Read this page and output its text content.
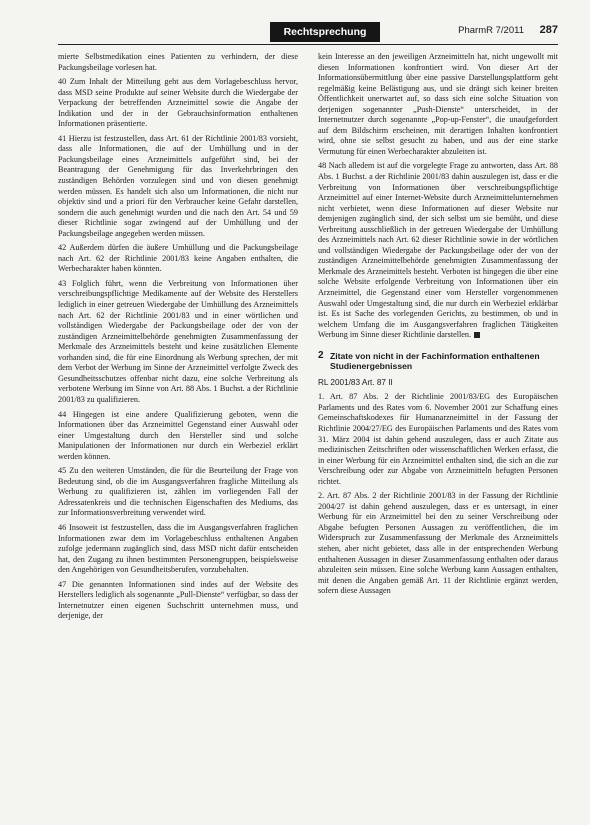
Rechtsprechung	PharmR 7/2011 287

mierte Selbstmedikation eines Patienten zu verhindern, der diese Packungsbeilage vorlesen hat.

40 Zum Inhalt der Mitteilung geht aus dem Vorlagebeschluss hervor, dass MSD seine Produkte auf seiner Website durch die Wiedergabe der Verpackung der betreffenden Arzneimittel sowie die Angabe der Indikation und der in der Gebrauchsinformation enthaltenen Informationen präsentierte.

41 Hierzu ist festzustellen, dass Art. 61 der Richtlinie 2001/83 vorsieht, dass alle Informationen, die auf der Umhüllung und in der Packungsbeilage eines Arzneimittels aufgeführt sind, bei der Beantragung der Genehmigung für das Inverkehrbringen den zuständigen Behörden vorzulegen sind und von diesen genehmigt werden müssen. Es handelt sich also um Informationen, die nicht nur objektiv sind und a priori für den Verbraucher keine Gefahr darstellen, sondern die auch genehmigt wurden und die nach den Art. 54 und 59 dieser Richtlinie sogar zwingend auf der Umhüllung und der Packungsbeilage angegeben werden müssen.

42 Außerdem dürfen die äußere Umhüllung und die Packungsbeilage nach Art. 62 der Richtlinie 2001/83 keine Angaben enthalten, die Werbecharakter haben könnten.

43 Folglich führt, wenn die Verbreitung von Informationen über verschreibungspflichtige Medikamente auf der Website des Herstellers lediglich in einer getreuen Wiedergabe der Umhüllung des Arzneimittels nach Art. 62 der Richtlinie 2001/83 und in einer wörtlichen und vollständigen Wiedergabe der Packungsbeilage oder der von der zuständigen Arzneimittelbehörde genehmigten Zusammenfassung der Merkmale des Arzneimittels besteht und keine zusätzlichen Elemente vorhanden sind, die für eine Einordnung als Werbung sprechen, der mit dem Verbot der Werbung im Sinne der Arzneimittel verfolgte Zweck des Gesundheitsschutzes offenbar nicht dazu, eine solche Verbreitung als verbotene Werbung im Sinne von Art. 88 Abs. 1 Buchst. a der Richtlinie 2001/83 zu qualifizieren.

44 Hingegen ist eine andere Qualifizierung geboten, wenn die Informationen über das Arzneimittel Gegenstand einer Auswahl oder einer Umgestaltung durch den Hersteller sind und solche Manipulationen der Informationen nur durch ein Werbeziel erklärt werden können.

45 Zu den weiteren Umständen, die für die Beurteilung der Frage von Bedeutung sind, ob die im Ausgangsverfahren fragliche Mitteilung als Werbung zu qualifizieren ist, zählen im vorliegenden Fall der Adressatenkreis und die technischen Eigenschaften des Mediums, das zur Informationsverbreitung verwendet wird.

46 Insoweit ist festzustellen, dass die im Ausgangsverfahren fraglichen Informationen zwar dem im Vorlagebeschluss enthaltenen Angaben zufolge jedermann zugänglich sind, dass MSD nicht dafür entscheiden hat, den Zugang zu ihnen bestimmten Personengruppen, beispielsweise den Angehörigen von Gesundheitsberufen, vorzubehalten.

47 Die genannten Informationen sind indes auf der Website des Herstellers lediglich als sogenannte „Pull-Dienste“ verfügbar, so dass der Internetnutzer einen eigenen Suchschritt unternehmen muss, und derjenige, der

kein Interesse an den jeweiligen Arzneimitteln hat, nicht ungewollt mit diesen Informationen konfrontiert wird. Von dieser Art der Informationsübermittlung über eine passive Darstellungsplattform geht regelmäßig keine Belästigung aus, und sie drängt sich keiner breiten Öffentlichkeit unerwartet auf, so dass sich eine solche Situation von derjenigen sogenannter „Push-Dienste“ unterscheidet, in der Internetnutzer durch sogenannte „Pop-up-Fenster“, die unaufgefordert auf dem Bildschirm erscheinen, mit derartigen Inhalten konfrontiert wird, ohne sie selbst gesucht zu haben, und aus der eine starke Vermutung für einen Werbecharakter abzuleiten ist.

48 Nach alledem ist auf die vorgelegte Frage zu antworten, dass Art. 88 Abs. 1 Buchst. a der Richtlinie 2001/83 dahin auszulegen ist, dass er die Verbreitung von Informationen über verschreibungspflichtige Arzneimittel auf einer Internet-Website durch Arzneimittelunternehmen nicht verbietet, wenn diese Informationen auf dieser Website nur demjenigen zugänglich sind, der sich selbst um sie bemüht, und diese Verbreitung ausschließlich in der getreuen Wiedergabe der Umhüllung des Arzneimittels nach Art. 62 dieser Richtlinie sowie in der wörtlichen und vollständigen Wiedergabe der Packungsbeilage oder der von der zuständigen Arzneimittelbehörde genehmigten Zusammenfassung der Merkmale des Arzneimittels besteht. Verboten ist hingegen die über eine solche Website erfolgende Verbreitung von Informationen über ein Arzneimittel, die Gegenstand einer vom Hersteller vorgenommenen Auswahl oder Umgestaltung sind, die nur durch ein Werbeziel erklärbar ist. Es ist Sache des vorlegenden Gerichts, zu bestimmen, ob und in welchem Umfang die im Ausgangsverfahren fraglichen Tätigkeiten Werbung im Sinne dieser Richtlinie darstellen.

2 Zitate von nicht in der Fachinformation enthaltenen Studienergebnissen
RL 2001/83 Art. 87 II

1. Art. 87 Abs. 2 der Richtlinie 2001/83/EG des Europäischen Parlaments und des Rates vom 6. November 2001 zur Schaffung eines Gemeinschaftskodexes für Humanarzneimittel in der Fassung der Richtlinie 2004/27/EG des Europäischen Parlaments und des Rates vom 31. März 2004 ist dahin gehend auszulegen, dass er auch Zitate aus medizinischen Zeitschriften oder wissenschaftlichen Werken erfasst, die in einer Werbung für ein Arzneimittel enthalten sind, die sich an die zur Verschreibung oder zur Abgabe von Arzneimitteln befugten Personen richtet.

2. Art. 87 Abs. 2 der Richtlinie 2001/83 in der Fassung der Richtlinie 2004/27 ist dahin gehend auszulegen, dass er es untersagt, in einer Werbung für ein Arzneimittel bei den zu seiner Verschreibung oder Abgabe befugten Personen Aussagen zu veröffentlichen, die im Widerspruch zur Zusammenfassung der Merkmale des Arzneimittels stehen, aber nicht gebietet, dass alle in der entsprechenden Werbung enthaltenen Aussagen in dieser Zusammenfassung enthalten oder daraus abzuleiten sein müssen. Eine solche Werbung kann Aussagen enthalten, mit denen die Angaben gemäß Art. 11 der Richtlinie ergänzt werden, sofern diese Aussagen
